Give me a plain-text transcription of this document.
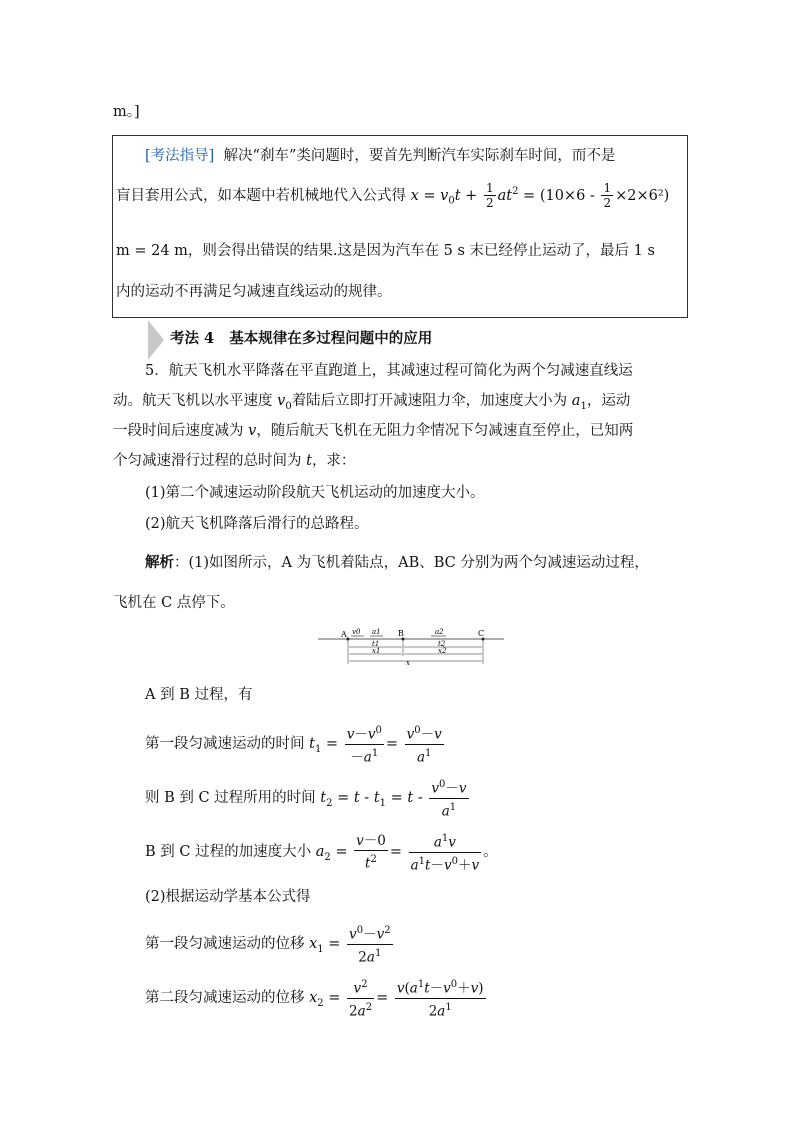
m。]
[考法指导] 解决“刹车”类问题时，要首先判断汽车实际刹车时间，而不是
盲目套用公式，如本题中若机械地代入公式得 $x = v_0t + \frac{1}{2} at^2 = (10\times 6 - \frac{1}{2} \times 2\times 6^2)$
m = 24 m，则会得出错误的结果.这是因为汽车在 5 s 末已经停止运动了，最后 1 s
内的运动不再满足匀减速直线运动的规律。
考法 4 基本规律在多过程问题中的应用
5．航天飞机水平降落在平直跑道上，其减速过程可简化为两个匀减速直线运
动。航天飞机以水平速度 $v_0$着陆后立即打开减速阻力伞，加速度大小为 $a_1$，运动
一段时间后速度减为 v，随后航天飞机在无阻力伞情况下匀减速直至停止，已知两
个匀减速滑行过程的总时间为 t，求：
(1)第二个减速运动阶段航天飞机运动的加速度大小。
(2)航天飞机降落后滑行的总路程。
解析：(1)如图所示，A 为飞机着陆点，AB、BC 分别为两个匀减速运动过程，
飞机在 C 点停下。
A	B	C
v0 a1	a2
t1	t2
x1	x2
x
A 到 B 过程，有
第一段匀减速运动的时间 $t_1 = \frac{v-v^0}{-a^1} = \frac{v^0-v}{a^1}$
则 B 到 C 过程所用的时间 $t_2 = t - t_1 = t - \frac{v^0-v}{a^1}$
B 到 C 过程的加速度大小 $a_2 = \frac{v-0}{t^2} = \frac{a^1v}{a^1t-v^0+v}$ 。
(2)根据运动学基本公式得
第一段匀减速运动的位移 $x_1 = \frac{v^0-v^2}{2a^1}$
第二段匀减速运动的位移 $x_2 = \frac{v^2}{2a^2} = \frac{v(a^1t-v^0+v)}{2a^1}$
